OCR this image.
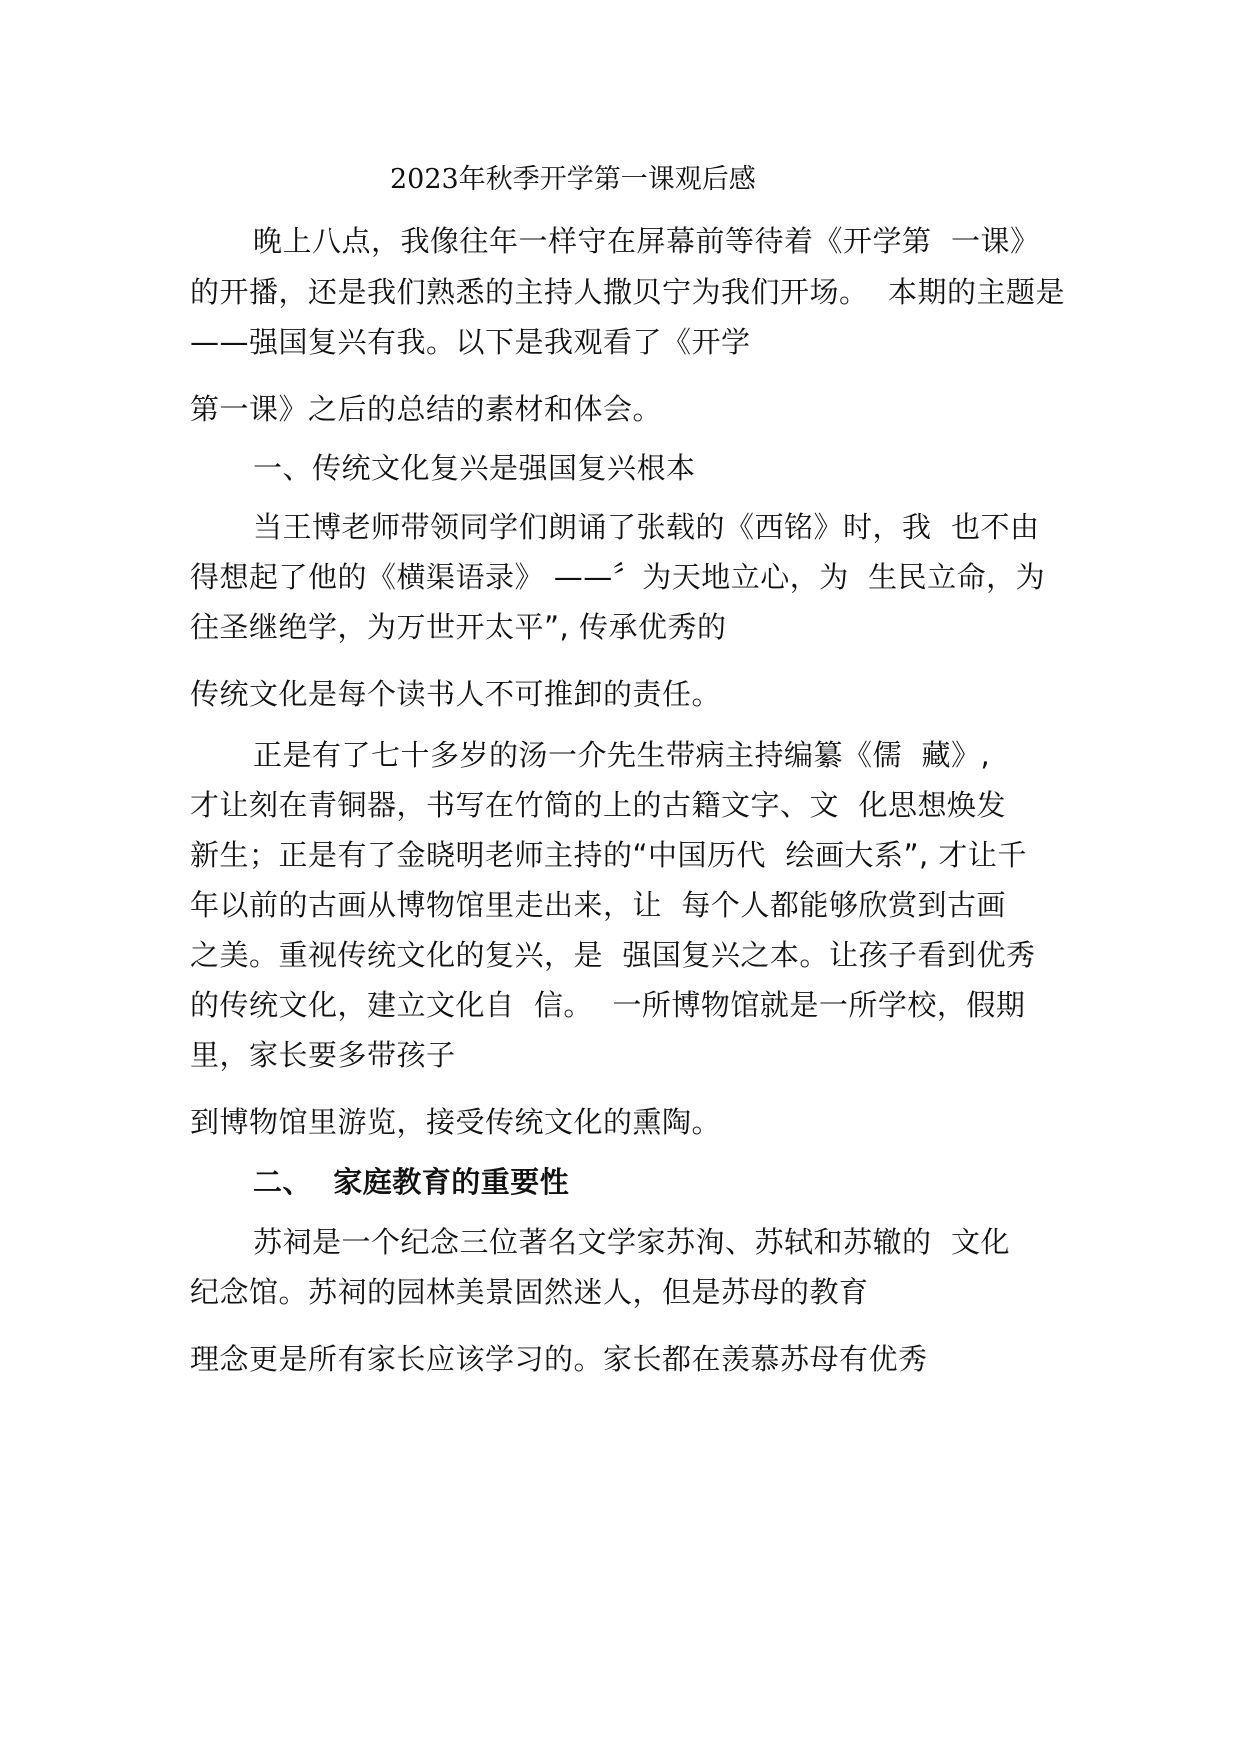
2023年秋季开学第一课观后感
晚上八点，我像往年一样守在屏幕前等待着《开学第  一课》
的开播，还是我们熟悉的主持人撒贝宁为我们开场。  本期的主题是
——强国复兴有我。以下是我观看了《开学
第一课》之后的总结的素材和体会。
一、传统文化复兴是强国复兴根本
当王博老师带领同学们朗诵了张载的《西铭》时，我  也不由
得想起了他的《横渠语录》 ——〞为天地立心，为  生民立命，为
往圣继绝学，为万世开太平”, 传承优秀的
传统文化是每个读书人不可推卸的责任。
正是有了七十多岁的汤一介先生带病主持编纂《儒  藏》,
才让刻在青铜器，书写在竹简的上的古籍文字、文  化思想焕发
新生；正是有了金晓明老师主持的“中国历代  绘画大系”, 才让千
年以前的古画从博物馆里走出来，让  每个人都能够欣赏到古画
之美。重视传统文化的复兴，是  强国复兴之本。让孩子看到优秀
的传统文化，建立文化自  信。  一所博物馆就是一所学校，假期
里，家长要多带孩子
到博物馆里游览，接受传统文化的熏陶。
二、  家庭教育的重要性
苏祠是一个纪念三位著名文学家苏洵、苏轼和苏辙的  文化
纪念馆。苏祠的园林美景固然迷人，但是苏母的教育
理念更是所有家长应该学习的。家长都在羡慕苏母有优秀
